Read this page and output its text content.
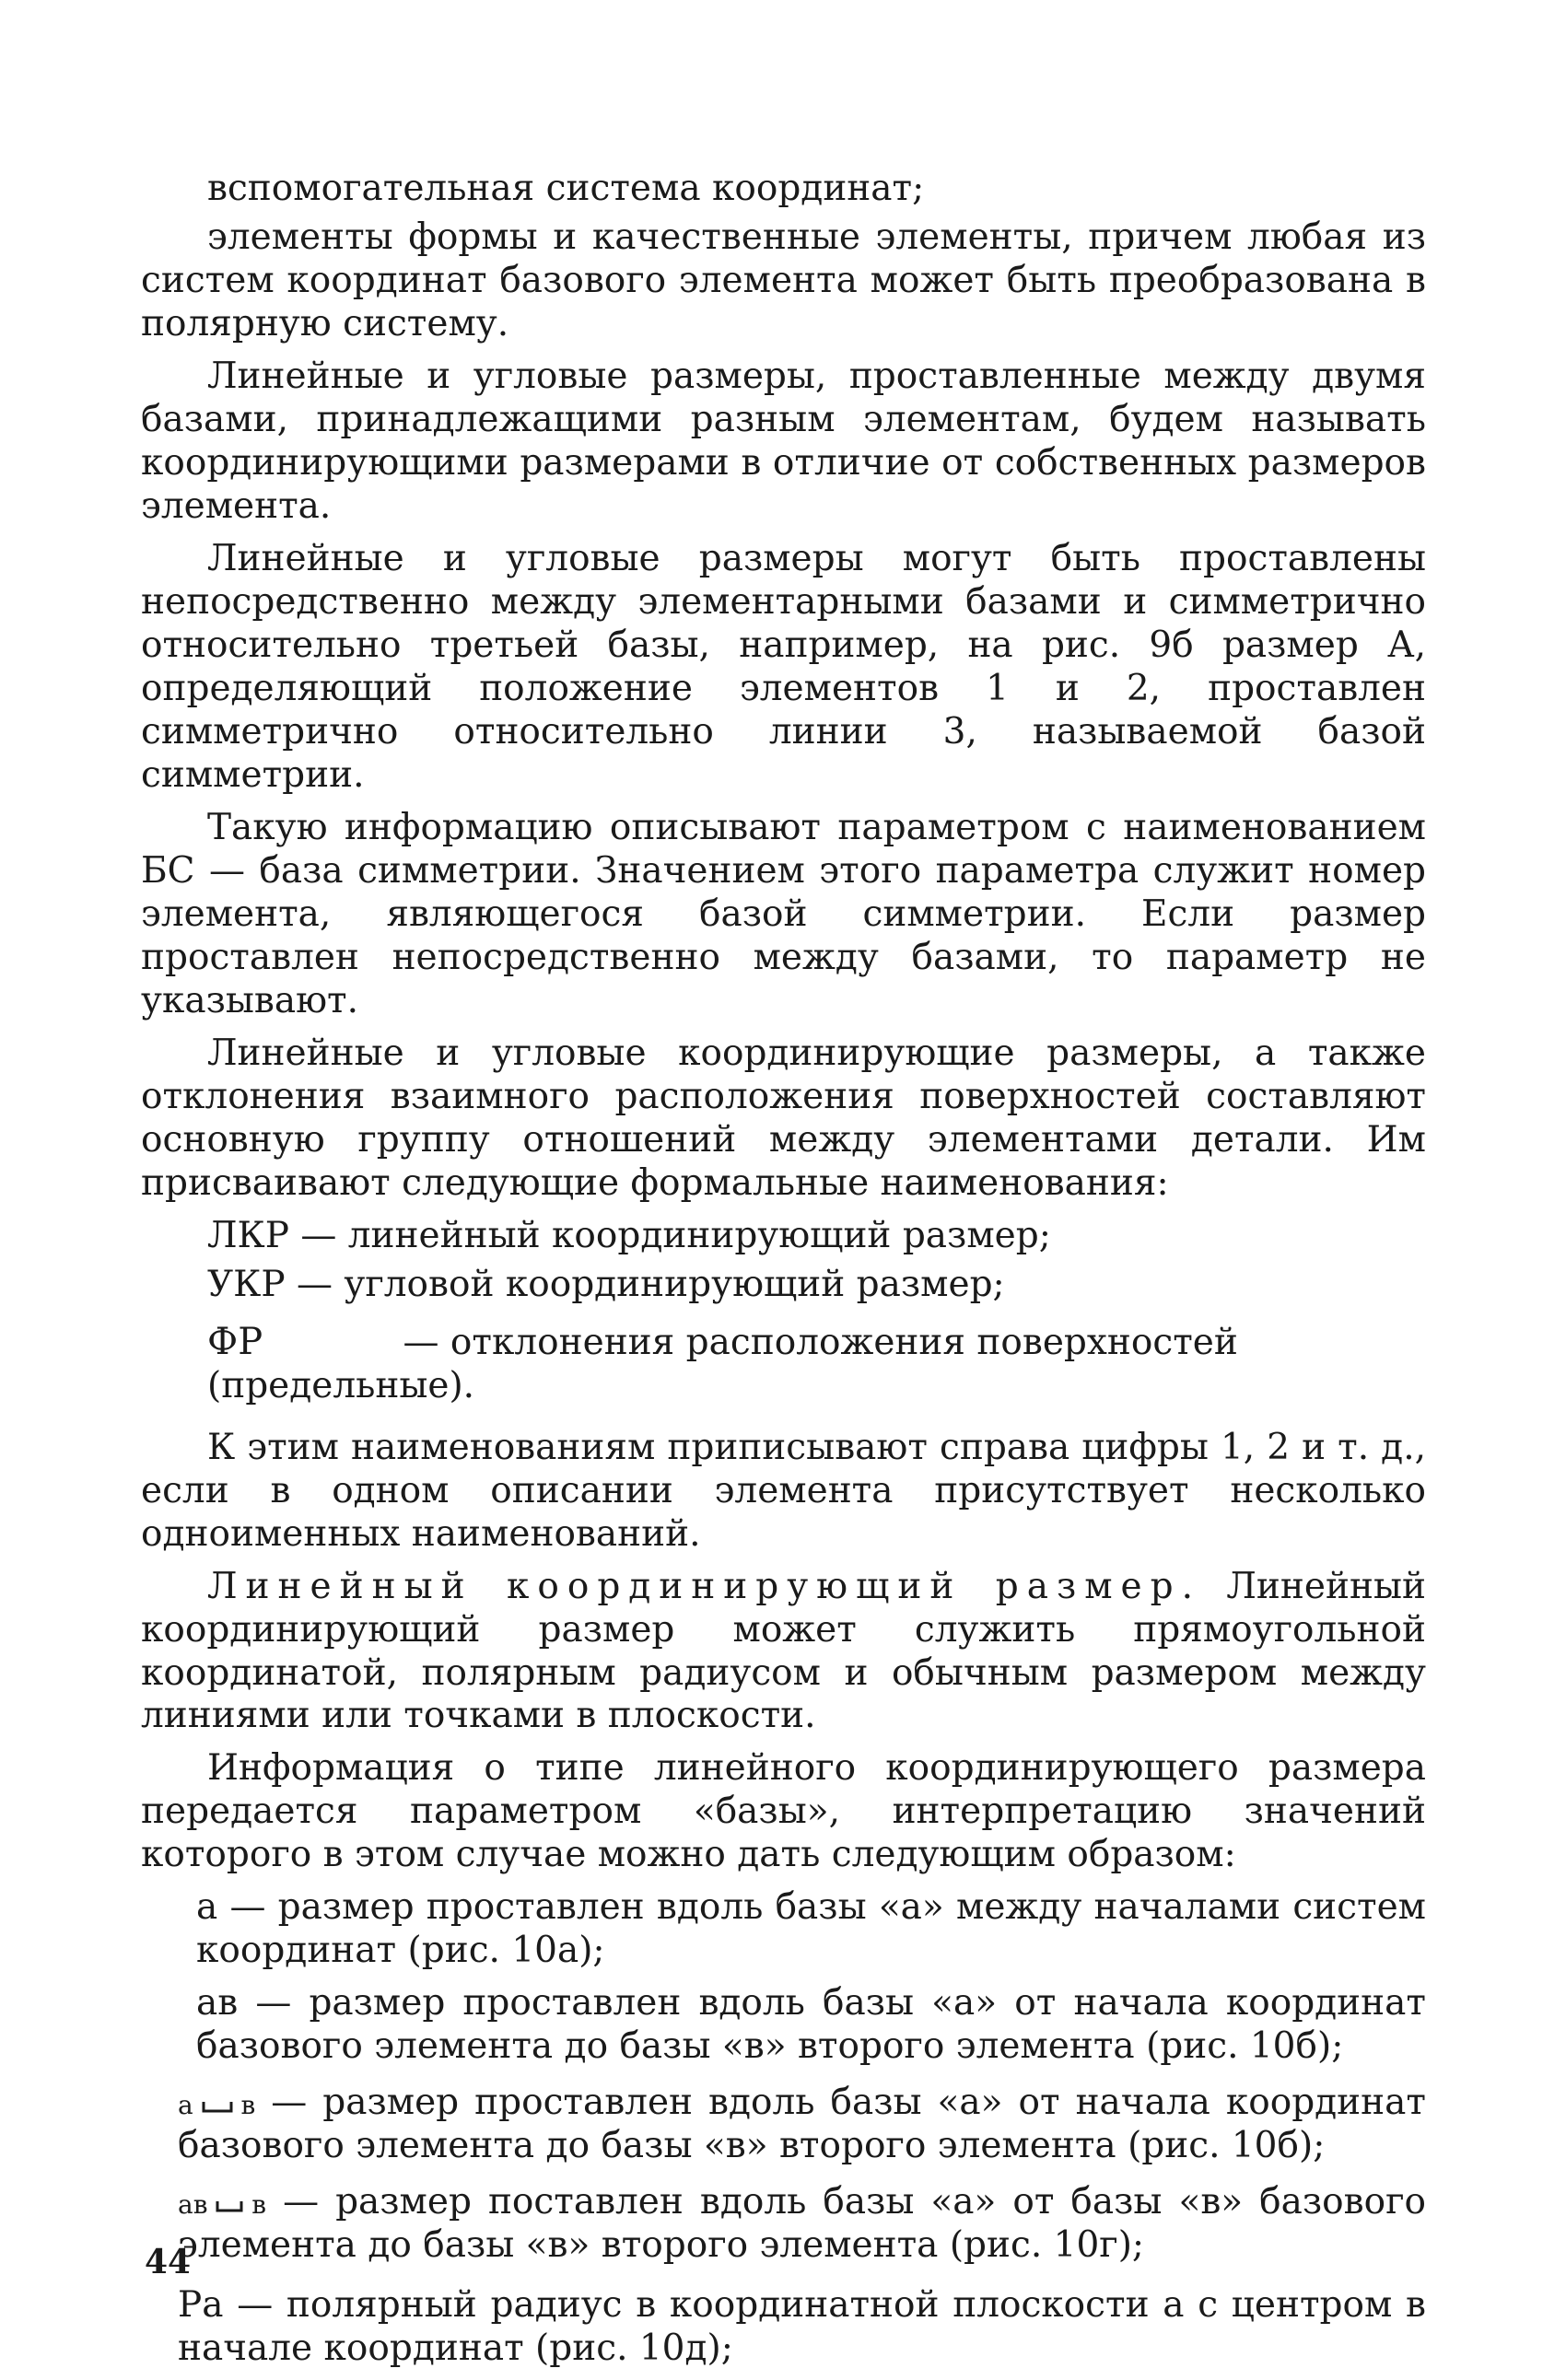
вспомогательная система координат;

элементы формы и качественные элементы, причем любая из систем координат базового элемента может быть преобразована в полярную систему.

Линейные и угловые размеры, проставленные между двумя базами, принадлежащими разным элементам, будем называть координирующими размерами в отличие от собственных размеров элемента.

Линейные и угловые размеры могут быть проставлены непосредственно между элементарными базами и симметрично относительно третьей базы, например, на рис. 9б размер А, определяющий положение элементов 1 и 2, проставлен симметрично относительно линии 3, называемой базой симметрии.

Такую информацию описывают параметром с наименованием БС — база симметрии. Значением этого параметра служит номер элемента, являющегося базой симметрии. Если размер проставлен непосредственно между базами, то параметр не указывают.

Линейные и угловые координирующие размеры, а также отклонения взаимного расположения поверхностей составляют основную группу отношений между элементами детали. Им присваивают следующие формальные наименования:

ЛКР — линейный координирующий размер;

УКР — угловой координирующий размер;

ФР	— отклонения расположения поверхностей (предельные).

К этим наименованиям приписывают справа цифры 1, 2 и т. д., если в одном описании элемента присутствует несколько одноименных наименований.

Линейный координирующий размер. Линейный координирующий размер может служить прямоугольной координатой, полярным радиусом и обычным размером между линиями или точками в плоскости.

Информация о типе линейного координирующего размера передается параметром «базы», интерпретацию значений которого в этом случае можно дать следующим образом:

а — размер проставлен вдоль базы «а» между началами систем координат (рис. 10а);

ав — размер проставлен вдоль базы «а» от начала координат базового элемента до базы «в» второго элемента (рис. 10б);

а в — размер проставлен вдоль базы «а» от начала координат базового элемента до базы «в» второго элемента (рис. 10б);

ав в — размер поставлен вдоль базы «а» от базы «в» базового элемента до базы «в» второго элемента (рис. 10г);

Ра — полярный радиус в координатной плоскости а с центром в начале координат (рис. 10д);

44
